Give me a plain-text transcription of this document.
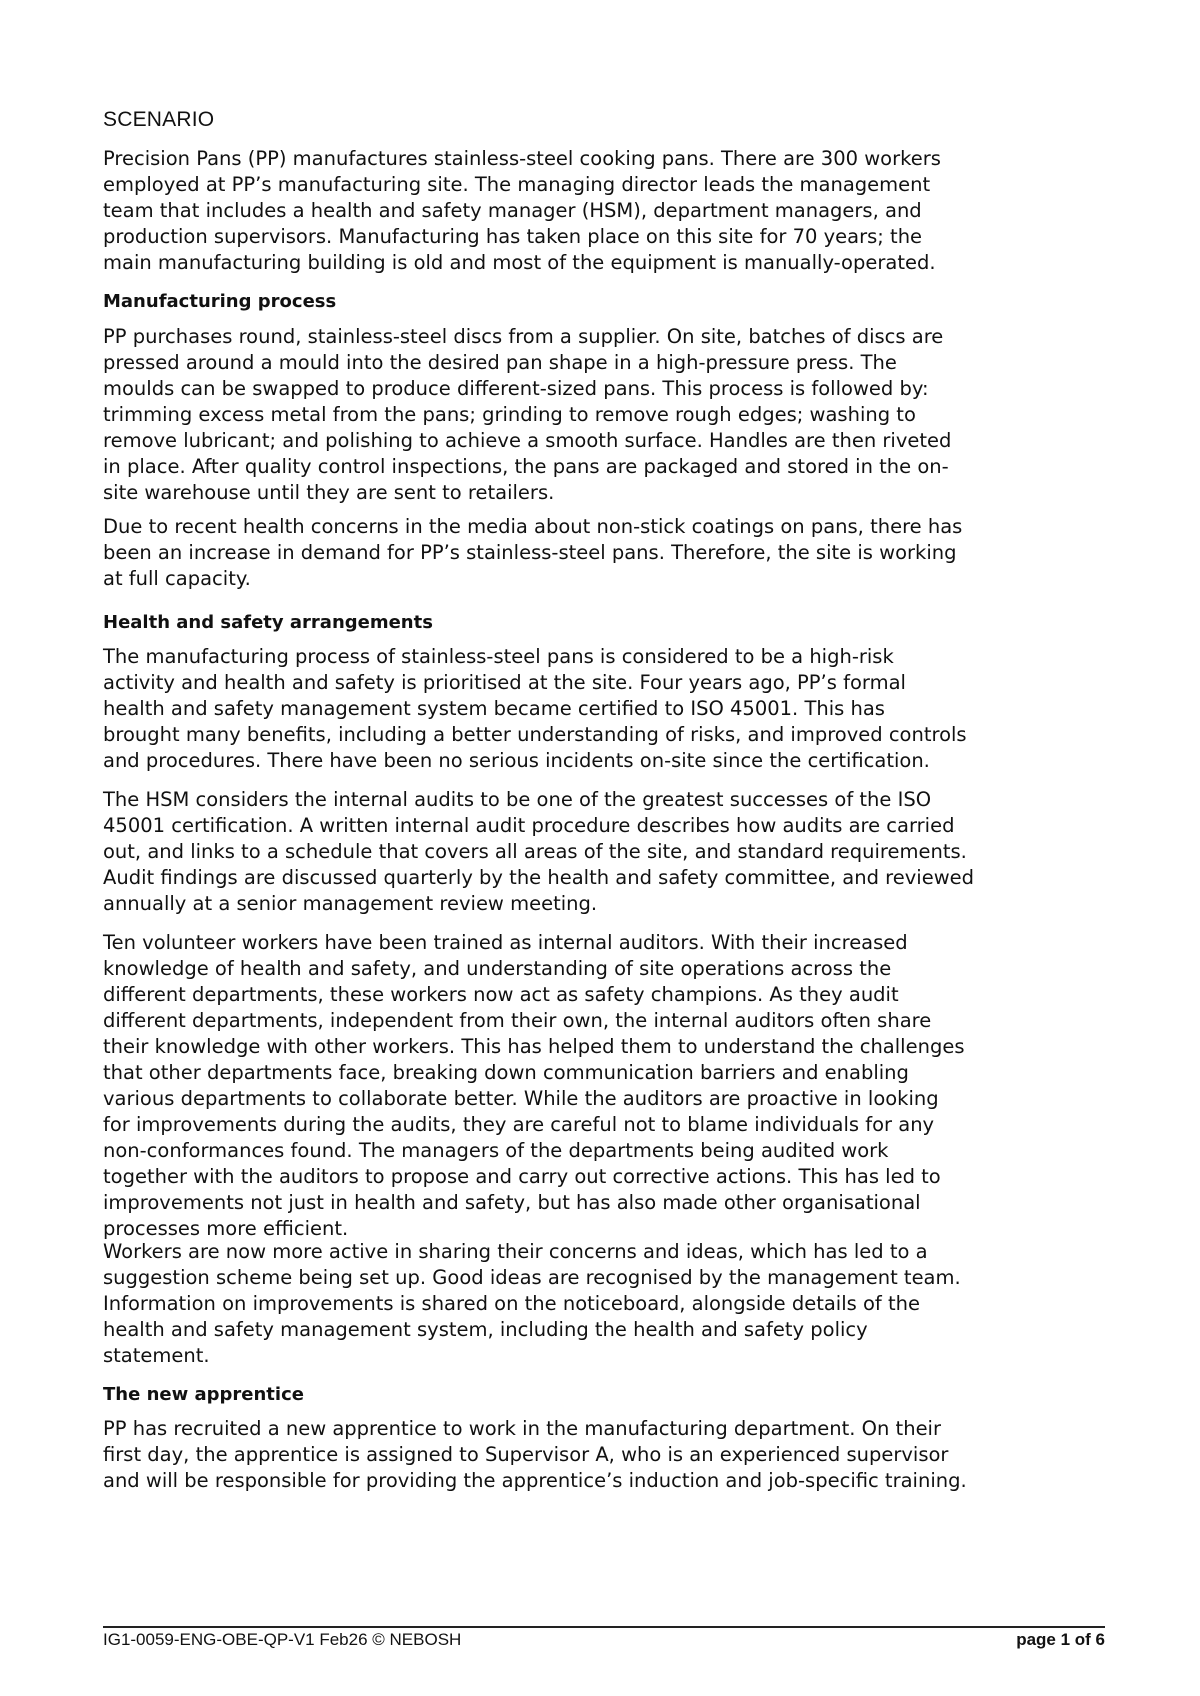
SCENARIO

Precision Pans (PP) manufactures stainless-steel cooking pans. There are 300 workers
employed at PP’s manufacturing site. The managing director leads the management
team that includes a health and safety manager (HSM), department managers, and
production supervisors. Manufacturing has taken place on this site for 70 years; the
main manufacturing building is old and most of the equipment is manually-operated.

Manufacturing process

PP purchases round, stainless-steel discs from a supplier. On site, batches of discs are
pressed around a mould into the desired pan shape in a high-pressure press. The
moulds can be swapped to produce different-sized pans. This process is followed by:
trimming excess metal from the pans; grinding to remove rough edges; washing to
remove lubricant; and polishing to achieve a smooth surface. Handles are then riveted
in place. After quality control inspections, the pans are packaged and stored in the on-
site warehouse until they are sent to retailers.

Due to recent health concerns in the media about non-stick coatings on pans, there has
been an increase in demand for PP’s stainless-steel pans. Therefore, the site is working
at full capacity.

Health and safety arrangements

The manufacturing process of stainless-steel pans is considered to be a high-risk
activity and health and safety is prioritised at the site. Four years ago, PP’s formal
health and safety management system became certified to ISO 45001. This has
brought many benefits, including a better understanding of risks, and improved controls
and procedures. There have been no serious incidents on-site since the certification.

The HSM considers the internal audits to be one of the greatest successes of the ISO
45001 certification. A written internal audit procedure describes how audits are carried
out, and links to a schedule that covers all areas of the site, and standard requirements.
Audit findings are discussed quarterly by the health and safety committee, and reviewed
annually at a senior management review meeting.

Ten volunteer workers have been trained as internal auditors. With their increased
knowledge of health and safety, and understanding of site operations across the
different departments, these workers now act as safety champions. As they audit
different departments, independent from their own, the internal auditors often share
their knowledge with other workers. This has helped them to understand the challenges
that other departments face, breaking down communication barriers and enabling
various departments to collaborate better. While the auditors are proactive in looking
for improvements during the audits, they are careful not to blame individuals for any
non-conformances found. The managers of the departments being audited work
together with the auditors to propose and carry out corrective actions. This has led to
improvements not just in health and safety, but has also made other organisational
processes more efficient.

Workers are now more active in sharing their concerns and ideas, which has led to a
suggestion scheme being set up. Good ideas are recognised by the management team.
Information on improvements is shared on the noticeboard, alongside details of the
health and safety management system, including the health and safety policy
statement.

The new apprentice

PP has recruited a new apprentice to work in the manufacturing department. On their
first day, the apprentice is assigned to Supervisor A, who is an experienced supervisor
and will be responsible for providing the apprentice’s induction and job-specific training.

IG1-0059-ENG-OBE-QP-V1 Feb26 © NEBOSH	page 1 of 6
